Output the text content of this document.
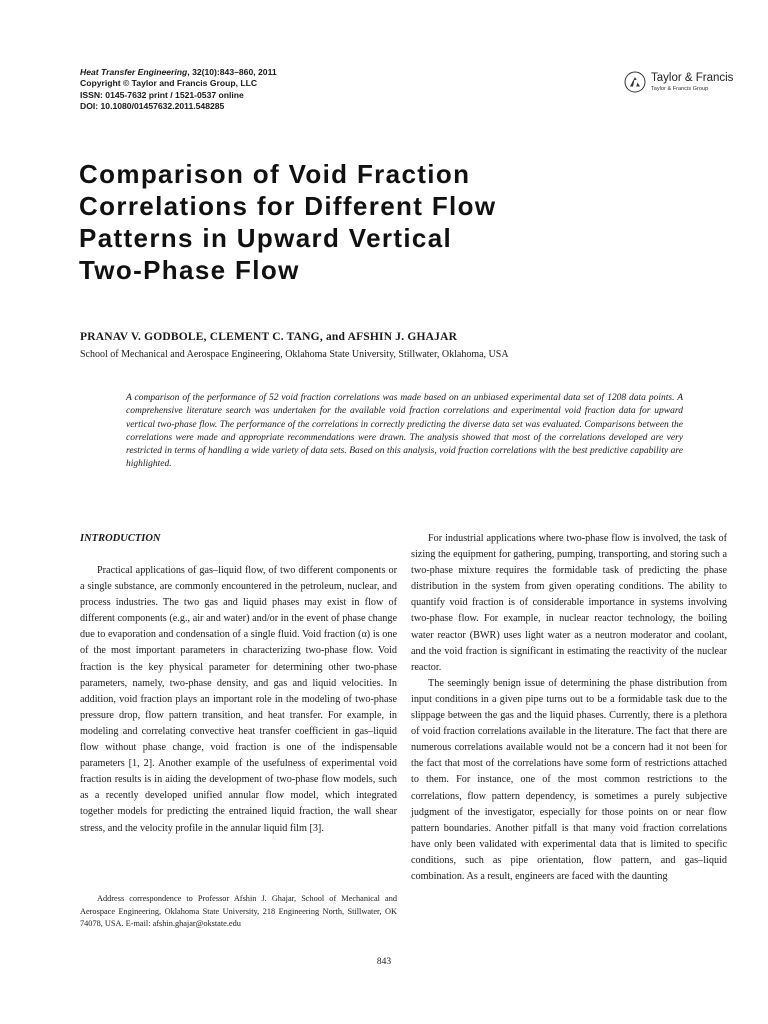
Heat Transfer Engineering, 32(10):843–860, 2011
Copyright © Taylor and Francis Group, LLC
ISSN: 0145-7632 print / 1521-0537 online
DOI: 10.1080/01457632.2011.548285
Taylor & Francis
Taylor & Francis Group
Comparison of Void Fraction
Correlations for Different Flow
Patterns in Upward Vertical
Two-Phase Flow
PRANAV V. GODBOLE, CLEMENT C. TANG, and AFSHIN J. GHAJAR
School of Mechanical and Aerospace Engineering, Oklahoma State University, Stillwater, Oklahoma, USA
A comparison of the performance of 52 void fraction correlations was made based on an unbiased experimental data set of 1208 data points. A comprehensive literature search was undertaken for the available void fraction correlations and experimental void fraction data for upward vertical two-phase flow. The performance of the correlations in correctly predicting the diverse data set was evaluated. Comparisons between the correlations were made and appropriate recommendations were drawn. The analysis showed that most of the correlations developed are very restricted in terms of handling a wide variety of data sets. Based on this analysis, void fraction correlations with the best predictive capability are highlighted.
INTRODUCTION

Practical applications of gas–liquid flow, of two different components or a single substance, are commonly encountered in the petroleum, nuclear, and process industries. The two gas and liquid phases may exist in flow of different components (e.g., air and water) and/or in the event of phase change due to evaporation and condensation of a single fluid. Void fraction (α) is one of the most important parameters in characterizing two-phase flow. Void fraction is the key physical parameter for determining other two-phase parameters, namely, two-phase density, and gas and liquid velocities. In addition, void fraction plays an important role in the modeling of two-phase pressure drop, flow pattern transition, and heat transfer. For example, in modeling and correlating convective heat transfer coefficient in gas–liquid flow without phase change, void fraction is one of the indispensable parameters [1, 2]. Another example of the usefulness of experimental void fraction results is in aiding the development of two-phase flow models, such as a recently developed unified annular flow model, which integrated together models for predicting the entrained liquid fraction, the wall shear stress, and the velocity profile in the annular liquid film [3].

For industrial applications where two-phase flow is involved, the task of sizing the equipment for gathering, pumping, transporting, and storing such a two-phase mixture requires the formidable task of predicting the phase distribution in the system from given operating conditions. The ability to quantify void fraction is of considerable importance in systems involving two-phase flow. For example, in nuclear reactor technology, the boiling water reactor (BWR) uses light water as a neutron moderator and coolant, and the void fraction is significant in estimating the reactivity of the nuclear reactor.

The seemingly benign issue of determining the phase distribution from input conditions in a given pipe turns out to be a formidable task due to the slippage between the gas and the liquid phases. Currently, there is a plethora of void fraction correlations available in the literature. The fact that there are numerous correlations available would not be a concern had it not been for the fact that most of the correlations have some form of restrictions attached to them. For instance, one of the most common restrictions to the correlations, flow pattern dependency, is sometimes a purely subjective judgment of the investigator, especially for those points on or near flow pattern boundaries. Another pitfall is that many void fraction correlations have only been validated with experimental data that is limited to specific conditions, such as pipe orientation, flow pattern, and gas–liquid combination. As a result, engineers are faced with the daunting

Address correspondence to Professor Afshin J. Ghajar, School of Mechanical and Aerospace Engineering, Oklahoma State University, 218 Engineering North, Stillwater, OK 74078, USA. E-mail: afshin.ghajar@okstate.edu

843
